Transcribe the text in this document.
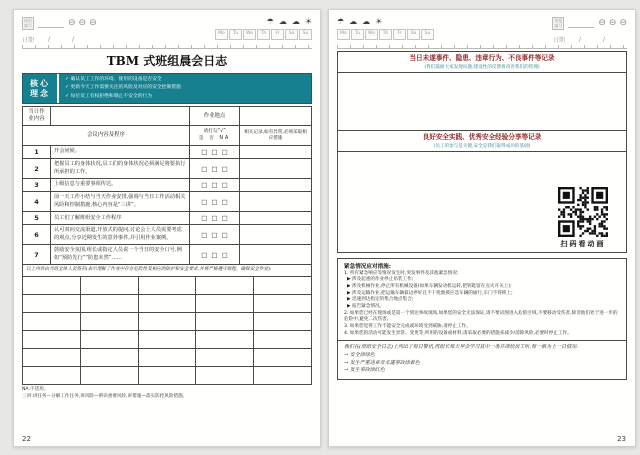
班组
编号	⊖ ⊖ ⊖
日期 /	/
☂ ☁ ☁ ☀
Mo	Tu	We	Th	Fr	Sa	Su
TBM 式班组晨会日志
核心
理念
✓ 确认员工工作的环境、使用的设备是否安全
✓ 更新今天工作需要关注的风险及对应的安全控制措施
✓ 每位员工有权拒绝和制止不安全的行为
当日作业内容		作业地点	
会议内容及程序		请打勾“√”
是 否 NA	相关记录,如有异常,必须采取相应措施
1	开会问候。	□ □ □	
2	把握员工的身体状况,员工们的身体状况必须满足将要执行所承担的工作。	□ □ □	
3	上级信息与重要事项传达。	□ □ □	
4	前一天工作小结与当天作业安排,强调与当日工作活动相关风险和控制措施,核心内容是“三讲”。	□ □ □	
5	员工们了解班组安全工作程序	□ □ □	
6	认可双向交流渠道,开放式的提问,讨论会上人员需要考虑的观点,分享近期发生的意外事件,并引用作业案例。	□ □ □	
7	鼓励安全氛围,组长或指定人员说一个当日的安全口号,例如“预防先行”“防患未然”……	□ □ □	
以上内容由当班全体人员签名(表示理解了作业中存在危险性及相应的防护和安全要求,并将严格遵守规程、确保安全作业):			

NA:不适用。
三讲:讲任务—分解工作任务,讲风险—辨识重要风险,讲措施—落实防控风险措施。
22
☂ ☁ ☁ ☀
Mo	Tu	We	Th	Fr	Sa	Su
班组
编号	⊖ ⊖ ⊖
日期 /	/
当日未遂事件、隐患、违章行为、不良事件等记录
(我们鼓励大家发现问题,建设性的反馈将改善我们的管理)
良好安全实践、优秀安全经验分享等记录
(员工的参与是关键,安全是我们取得成功的基础)
扫码看动画
紧急情况应对措施:
1. 所有紧急响应等情况发生时,突发事件及其他紧急情况:
▶ 涉及起重的作业停止吊装工作;
▶ 涉及机械作业,停止所有机械设备(如果车辆发动机运转,把钥匙留在点火开关上);
▶ 涉及运输作业,把运输车辆靠边停好且不干扰救援应急车辆的通行,车门不得锁上;
▶ 迅速到达指定的集合地点集合;
▶ 报告紧急情况。
2. 如果您已经在现场或是第一个到达事故现场,如果您的安全无法保证,请不要试图进入危险区域,不要移动受伤者,除非他们处于进一步的危险中,避免二次伤害。
3. 如果您觉得工作不能安全完成或环境受到威胁,请停止工作。
4. 如果您的活动可能发生异常、变更等,所用的设备或材料,请采取必要的措施来减少/消除风险,必要时停止工作。
我们在(班组安全日志)上列出了每日警讯,班组长每天早会学习其中一条并读给员工听,每一格为上一日情况:
→ 安全涂绿色
→ 发生严重违章及未遂事故涂黄色
→ 发生事故涂红色
23
